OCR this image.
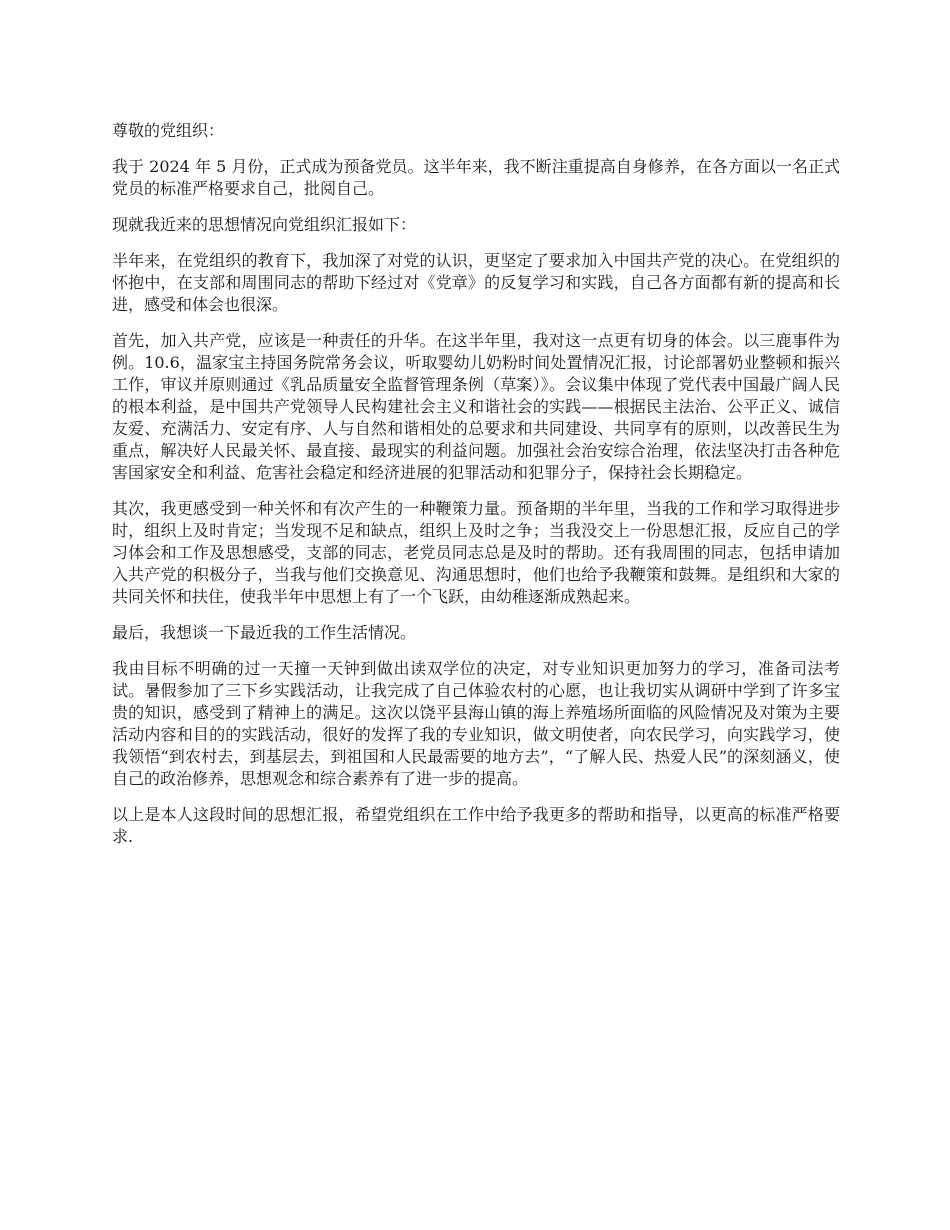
尊敬的党组织：

我于 2024 年 5 月份，正式成为预备党员。这半年来，我不断注重提高自身修养，在各方面以一名正式党员的标准严格要求自己，批阅自己。

现就我近来的思想情况向党组织汇报如下：

半年来，在党组织的教育下，我加深了对党的认识，更坚定了要求加入中国共产党的决心。在党组织的怀抱中，在支部和周围同志的帮助下经过对《党章》的反复学习和实践，自己各方面都有新的提高和长进，感受和体会也很深。

首先，加入共产党，应该是一种责任的升华。在这半年里，我对这一点更有切身的体会。以三鹿事件为例。10.6，温家宝主持国务院常务会议，听取婴幼儿奶粉时间处置情况汇报，讨论部署奶业整顿和振兴工作，审议并原则通过《乳品质量安全监督管理条例（草案）》。会议集中体现了党代表中国最广阔人民的根本利益，是中国共产党领导人民构建社会主义和谐社会的实践——根据民主法治、公平正义、诚信友爱、充满活力、安定有序、人与自然和谐相处的总要求和共同建设、共同享有的原则，以改善民生为重点，解决好人民最关怀、最直接、最现实的利益问题。加强社会治安综合治理，依法坚决打击各种危害国家安全和利益、危害社会稳定和经济进展的犯罪活动和犯罪分子，保持社会长期稳定。

其次，我更感受到一种关怀和有次产生的一种鞭策力量。预备期的半年里，当我的工作和学习取得进步时，组织上及时肯定；当发现不足和缺点，组织上及时之争；当我没交上一份思想汇报，反应自己的学习体会和工作及思想感受，支部的同志，老党员同志总是及时的帮助。还有我周围的同志，包括申请加入共产党的积极分子，当我与他们交换意见、沟通思想时，他们也给予我鞭策和鼓舞。是组织和大家的共同关怀和扶住，使我半年中思想上有了一个飞跃，由幼稚逐渐成熟起来。

最后，我想谈一下最近我的工作生活情况。

我由目标不明确的过一天撞一天钟到做出读双学位的决定，对专业知识更加努力的学习，准备司法考试。暑假参加了三下乡实践活动，让我完成了自己体验农村的心愿，也让我切实从调研中学到了许多宝贵的知识，感受到了精神上的满足。这次以饶平县海山镇的海上养殖场所面临的风险情况及对策为主要活动内容和目的的实践活动，很好的发挥了我的专业知识，做文明使者，向农民学习，向实践学习，使我领悟“到农村去，到基层去，到祖国和人民最需要的地方去”，“了解人民、热爱人民”的深刻涵义，使自己的政治修养，思想观念和综合素养有了进一步的提高。

以上是本人这段时间的思想汇报，希望党组织在工作中给予我更多的帮助和指导，以更高的标准严格要求.
